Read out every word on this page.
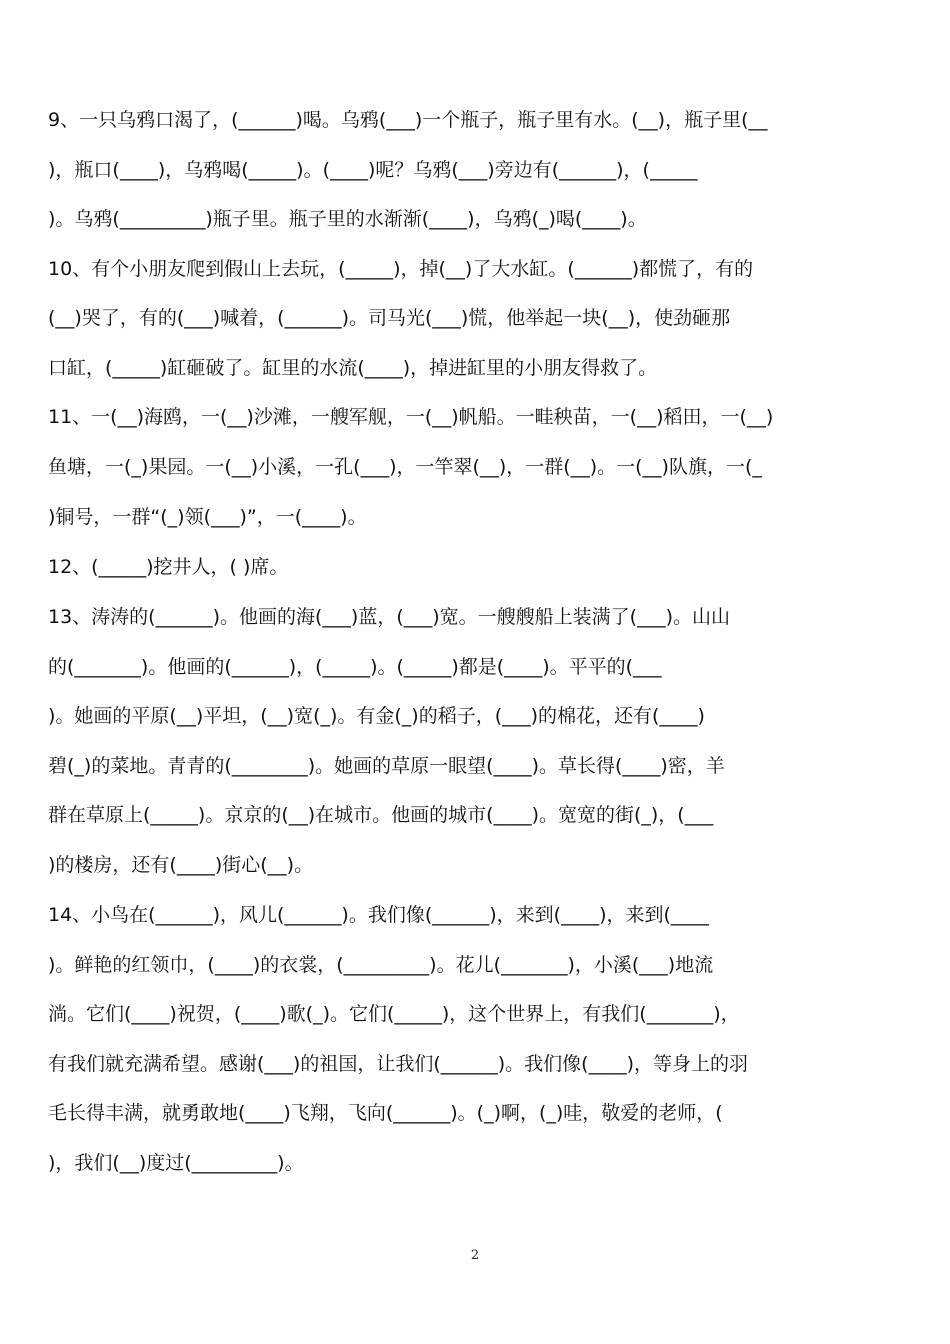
9、一只乌鸦口渴了，(______)喝。乌鸦(___)一个瓶子，瓶子里有水。(__)，瓶子里(__
)，瓶口(____)，乌鸦喝(_____)。(____)呢？乌鸦(___)旁边有(______)，(_____
)。乌鸦(_________)瓶子里。瓶子里的水渐渐(____)，乌鸦(_)喝(____)。
10、有个小朋友爬到假山上去玩，(_____)，掉(__)了大水缸。(______)都慌了，有的
(__)哭了，有的(___)喊着，(______)。司马光(___)慌，他举起一块(__)，使劲砸那
口缸，(_____)缸砸破了。缸里的水流(____)，掉进缸里的小朋友得救了。
11、一(__)海鸥，一(__)沙滩，一艘军舰，一(__)帆船。一畦秧苗，一(__)稻田，一(__)
鱼塘，一(_)果园。一(__)小溪，一孔(___)，一竿翠(__)，一群(__)。一(__)队旗，一(_
)铜号，一群“(_)领(___)”，一(____)。
12、(_____)挖井人，( )席。
13、涛涛的(______)。他画的海(___)蓝，(___)宽。一艘艘船上装满了(___)。山山
的(_______)。他画的(______)，(_____)。(_____)都是(____)。平平的(___
)。她画的平原(__)平坦，(__)宽(_)。有金(_)的稻子，(___)的棉花，还有(____)
碧(_)的菜地。青青的(________)。她画的草原一眼望(____)。草长得(____)密，羊
群在草原上(_____)。京京的(__)在城市。他画的城市(____)。宽宽的街(_)，(___
)的楼房，还有(____)街心(__)。
14、小鸟在(______)，风儿(______)。我们像(______)，来到(____)，来到(____
)。鲜艳的红领巾，(____)的衣裳，(_________)。花儿(_______)，小溪(___)地流
淌。它们(____)祝贺，(____)歌(_)。它们(_____)，这个世界上，有我们(_______)，
有我们就充满希望。感谢(___)的祖国，让我们(______)。我们像(____)，等身上的羽
毛长得丰满，就勇敢地(____)飞翔，飞向(______)。(_)啊，(_)哇，敬爱的老师，(
)，我们(__)度过(_________)。
2
